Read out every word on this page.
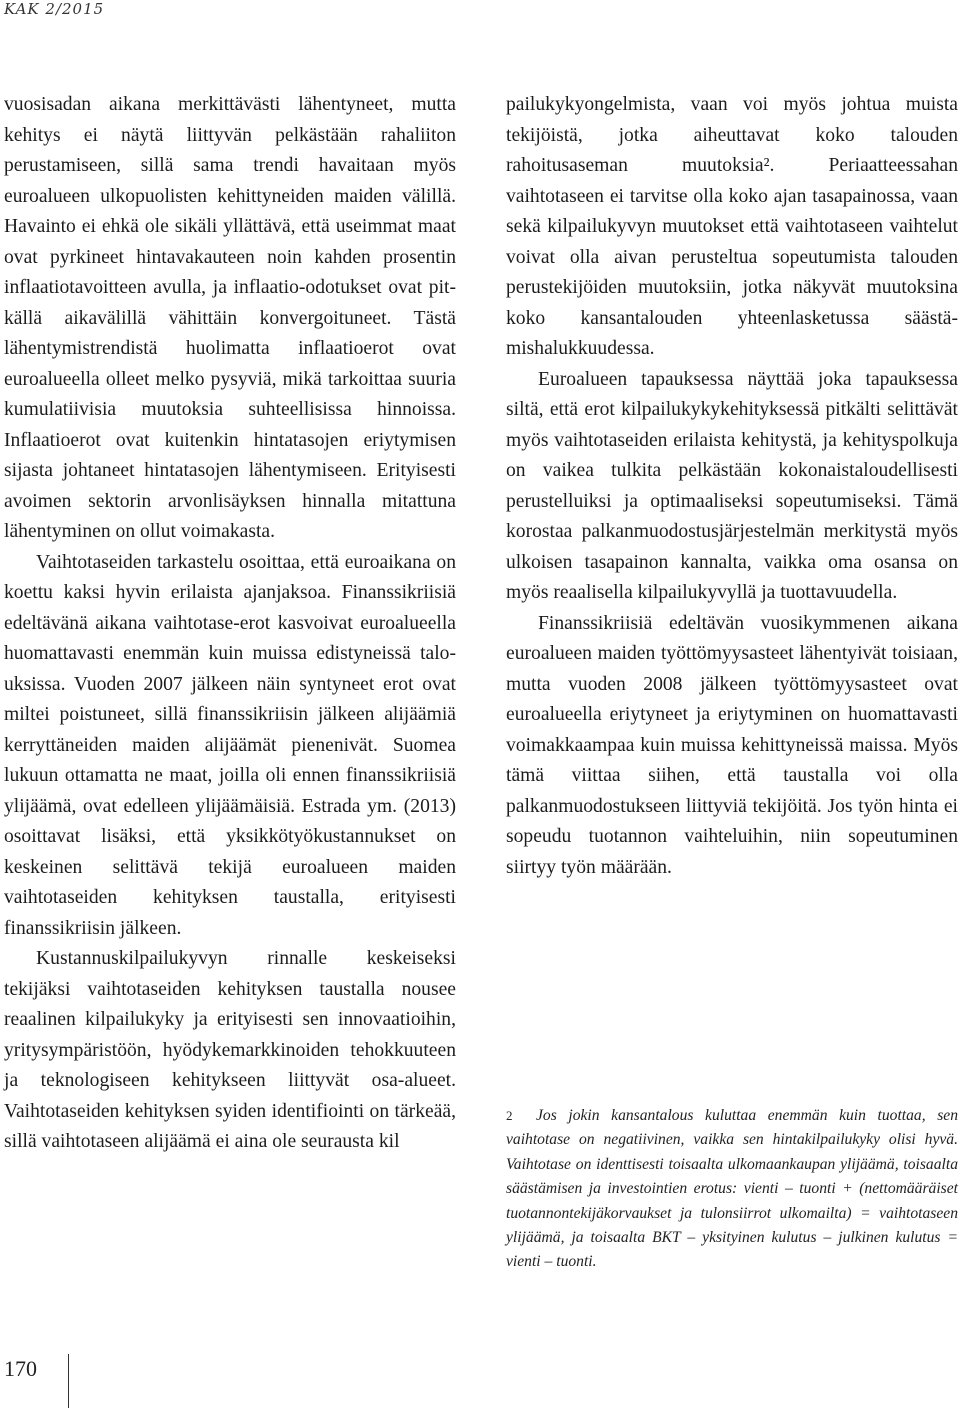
KAK 2/2015

vuosisadan aikana merkittävästi lähentyneet, mutta kehitys ei näytä liittyvän pelkästään rahaliiton perustamiseen, sillä sama trendi havaitaan myös euroalueen ulkopuolisten kehittyneiden maiden välillä. Havainto ei ehkä ole sikäli yllättävä, että useimmat maat ovat pyrkineet hintavakauteen noin kahden prosentin inflaatiotavoitteen avulla, ja inflaatio-odotukset ovat pitkällä aikavälillä vähittäin konvergoituneet. Tästä lähentymistrendistä huolimatta inflaatioerot ovat euroalueella olleet melko pysyviä, mikä tarkoittaa suuria kumulatiivisia muutoksia suhteellisissa hinnoissa. Inflaatioerot ovat kuitenkin hintatasojen eriytymisen sijasta johtaneet hintatasojen lähentymiseen. Erityisesti avoimen sektorin arvonlisäyksen hinnalla mitattuna lähentyminen on ollut voimakasta.

Vaihtotaseiden tarkastelu osoittaa, että euroaikana on koettu kaksi hyvin erilaista ajanjaksoa. Finanssikriisiä edeltävänä aikana vaihtotase-erot kasvoivat euroalueella huomattavasti enemmän kuin muissa edistyneissä talouksissa. Vuoden 2007 jälkeen näin syntyneet erot ovat miltei poistuneet, sillä finanssikriisin jälkeen alijäämiä kerryttäneiden maiden alijäämät pienenivät. Suomea lukuun ottamatta ne maat, joilla oli ennen finanssikriisiä ylijäämä, ovat edelleen ylijäämäisiä. Estrada ym. (2013) osoittavat lisäksi, että yksikkötyökustannukset on keskeinen selittävä tekijä euroalueen maiden vaihtotaseiden kehityksen taustalla, erityisesti finanssikriisin jälkeen.

Kustannuskilpailukyvyn rinnalle keskeiseksi tekijäksi vaihtotaseiden kehityksen taustalla nousee reaalinen kilpailukyky ja erityisesti sen innovaatioihin, yritysympäristöön, hyödykemarkkinoiden tehokkuuteen ja teknologiseen kehitykseen liittyvät osa-alueet. Vaihtotaseiden kehityksen syiden identifiointi on tärkeää, sillä vaihtotaseen alijäämä ei aina ole seurausta kil

pailukykyongelmista, vaan voi myös johtua muista tekijöistä, jotka aiheuttavat koko talouden rahoitusaseman muutoksia². Periaatteessahan vaihtotaseen ei tarvitse olla koko ajan tasapainossa, vaan sekä kilpailukyvyn muutokset että vaihtotaseen vaihtelut voivat olla aivan perusteltua sopeutumista talouden perustekijöiden muutoksiin, jotka näkyvät muutoksina koko kansantalouden yhteenlasketussa säästämishalukkuudessa.

Euroalueen tapauksessa näyttää joka tapauksessa siltä, että erot kilpailukykykehityksessä pitkälti selittävät myös vaihtotaseiden erilaista kehitystä, ja kehityspolkuja on vaikea tulkita pelkästään kokonaistaloudellisesti perustelluiksi ja optimaaliseksi sopeutumiseksi. Tämä korostaa palkanmuodostusjärjestelmän merkitystä myös ulkoisen tasapainon kannalta, vaikka oma osansa on myös reaalisella kilpailukyvyllä ja tuottavuudella.

Finanssikriisiä edeltävän vuosikymmenen aikana euroalueen maiden työttömyysasteet lähentyivät toisiaan, mutta vuoden 2008 jälkeen työttömyysasteet ovat euroalueella eriytyneet ja eriytyminen on huomattavasti voimakkaampaa kuin muissa kehittyneissä maissa. Myös tämä viittaa siihen, että taustalla voi olla palkanmuodostukseen liittyviä tekijöitä. Jos työn hinta ei sopeudu tuotannon vaihteluihin, niin sopeutuminen siirtyy työn määrään.

2 Jos jokin kansantalous kuluttaa enemmän kuin tuottaa, sen vaihtotase on negatiivinen, vaikka sen hintakilpailukyky olisi hyvä. Vaihtotase on identtisesti toisaalta ulkomaankaupan ylijäämä, toisaalta säästämisen ja investointien erotus: vienti – tuonti + (nettomääräiset tuotannontekijäkorvaukset ja tulonsiirrot ulkomailta) = vaihtotaseen ylijäämä, ja toisaalta BKT – yksityinen kulutus – julkinen kulutus = vienti – tuonti.
170
